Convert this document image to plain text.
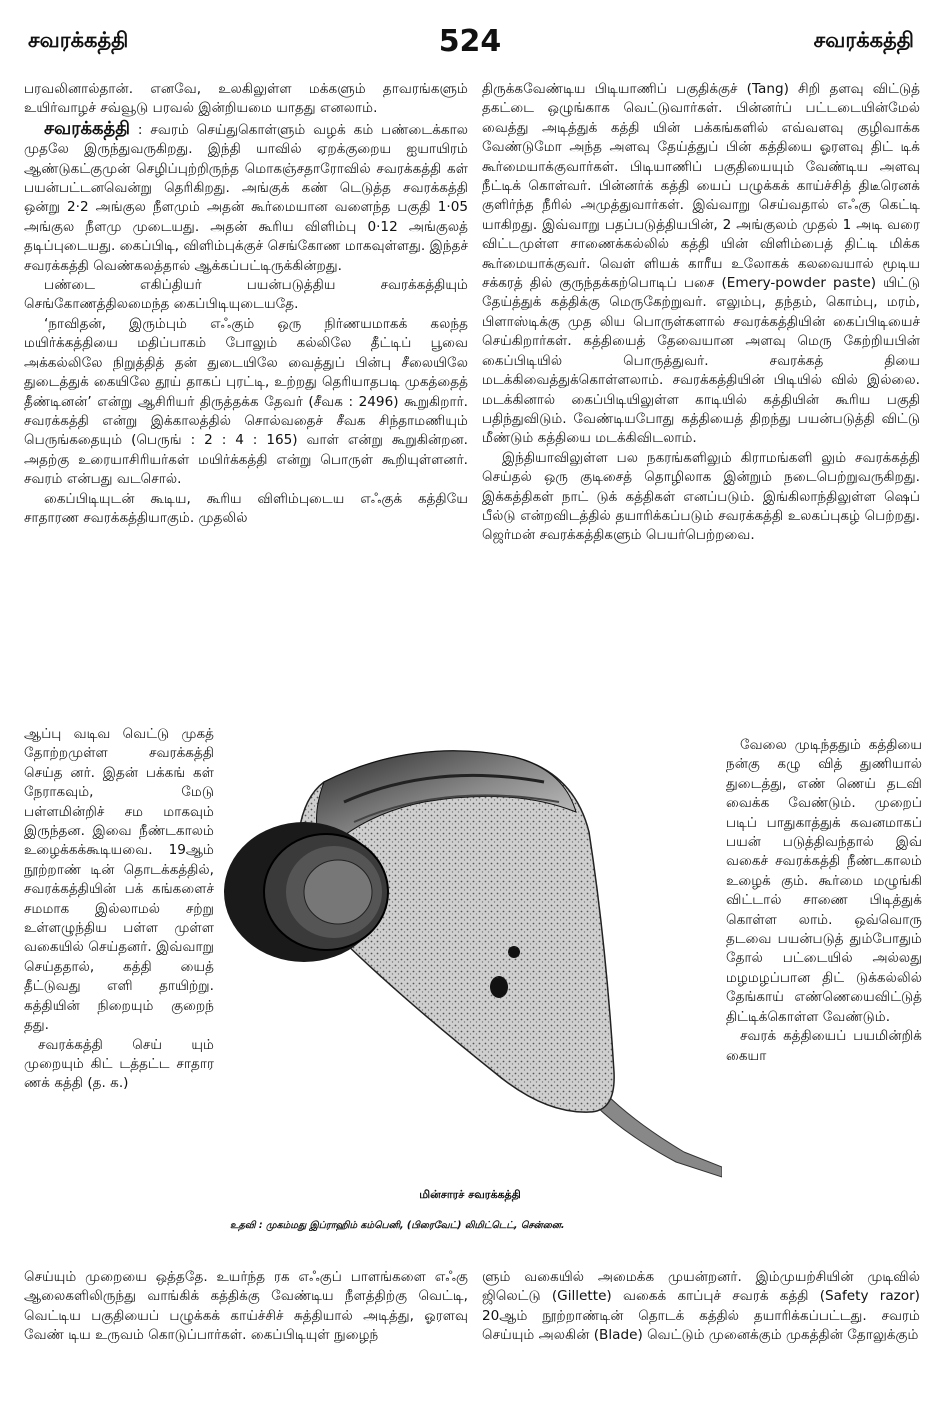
சவரக்கத்தி	524	சவரக்கத்தி

பரவலினால்தான். எனவே, உலகிலுள்ள மக்களும் தாவரங்களும் உயிர்வாழச் சவ்வூடு பரவல் இன்றியமை யாதது எனலாம்.

சவரக்கத்தி : சவரம் செய்துகொள்ளும் வழக் கம் பண்டைக்கால முதலே இருந்துவருகிறது. இந்தி யாவில் ஏறக்குறைய ஐயாயிரம் ஆண்டுகட்குமுன் செழிப்புற்றிருந்த மொகஞ்சதாரோவில் சவரக்கத்தி கள் பயன்பட்டனவென்று தெரிகிறது. அங்குக் கண் டெடுத்த சவரக்கத்தி ஒன்று 2·2 அங்குல நீளமும் அதன் கூர்மையான வளைந்த பகுதி 1·05 அங்குல நீளமு முடையது. அதன் கூரிய விளிம்பு 0·12 அங்குலத் தடிப்புடையது. கைப்பிடி, விளிம்புக்குச் செங்கோண மாகவுள்ளது. இந்தச் சவரக்கத்தி வெண்கலத்தால் ஆக்கப்பட்டிருக்கின்றது.

பண்டை எகிப்தியர் பயன்படுத்திய சவரக்கத்தியும் செங்கோணத்திலமைந்த கைப்பிடியுடையதே.

‘நாவிதன், இரும்பும் எஃகும் ஒரு நிர்ணயமாகக் கலந்த மயிர்க்கத்தியை மதிப்பாகம் போலும் கல்லிலே தீட்டிப் பூவை அக்கல்லிலே நிறுத்தித் தன் துடையிலே வைத்துப் பின்பு சீலையிலே துடைத்துக் கையிலே தூய் தாகப் புரட்டி, உற்றது தெரியாதபடி முகத்தைத் தீண்டினன்’ என்று ஆசிரியர் திருத்தக்க தேவர் (சீவக : 2496) கூறுகிறார். சவரக்கத்தி என்று இக்காலத்தில் சொல்வதைச் சீவக சிந்தாமணியும் பெருங்கதையும் (பெருங் : 2 : 4 : 165) வாள் என்று கூறுகின்றன. அதற்கு உரையாசிரியர்கள் மயிர்க்கத்தி என்று பொருள் கூறியுள்ளனர். சவரம் என்பது வடசொல்.

கைப்பிடியுடன் கூடிய, கூரிய விளிம்புடைய எஃகுக் கத்தியே சாதாரண சவரக்கத்தியாகும். முதலில்

ஆப்பு வடிவ வெட்டு முகத் தோற்றமுள்ள சவரக்கத்தி செய்த னர். இதன் பக்கங் கள் நேராகவும், மேடு பள்ளமின்றிச் சம மாகவும் இருந்தன. இவை நீண்டகாலம் உழைக்கக்கூடியவை. 19ஆம் நூற்றாண் டின் தொடக்கத்தில், சவரக்கத்தியின் பக் கங்களைச் சமமாக இல்லாமல் சற்று உள்ளழுந்திய பள்ள முள்ள வகையில் செய்தனர். இவ்வாறு செய்ததால், கத்தி யைத் தீட்டுவது எளி தாயிற்று. கத்தியின் நிறையும் குறைந் தது.

சவரக்கத்தி செய் யும் முறையும் கிட் டத்தட்ட சாதார ணக் கத்தி (த. க.)

திருக்கவேண்டிய பிடியாணிப் பகுதிக்குச் (Tang) சிறி தளவு விட்டுத் தகட்டை ஒழுங்காக வெட்டுவார்கள். பின்னர்ப் பட்டடையின்மேல் வைத்து அடித்துக் கத்தி யின் பக்கங்களில் எவ்வளவு குழிவாக்க வேண்டுமோ அந்த அளவு தேய்த்துப் பின் கத்தியை ஓரளவு திட் டிக் கூர்மையாக்குவார்கள். பிடியாணிப் பகுதியையும் வேண்டிய அளவு நீட்டிக் கொள்வர். பின்னர்க் கத்தி யைப் பழுக்கக் காய்ச்சித் திடீரெனக் குளிர்ந்த நீரில் அமுத்துவார்கள். இவ்வாறு செய்வதால் எஃகு கெட்டி யாகிறது. இவ்வாறு பதப்படுத்தியபின், 2 அங்குலம் முதல் 1 அடி வரை விட்டமுள்ள சாணைக்கல்லில் கத்தி யின் விளிம்பைத் திட்டி மிக்க கூர்மையாக்குவர். வெள் ளியக் காரீய உலோகக் கலவையால் மூடிய சக்கரத் தில் குருந்தக்கற்பொடிப் பசை (Emery-powder paste) யிட்டு தேய்த்துக் கத்திக்கு மெருகேற்றுவர். எலும்பு, தந்தம், கொம்பு, மரம், பிளாஸ்டிக்கு முத லிய பொருள்களால் சவரக்கத்தியின் கைப்பிடியைச் செய்கிறார்கள். கத்தியைத் தேவையான அளவு மெரு கேற்றியபின் கைப்பிடியில் பொருத்துவர். சவரக்கத் தியை மடக்கிவைத்துக்கொள்ளலாம். சவரக்கத்தியின் பிடியில் வில் இல்லை. மடக்கினால் கைப்பிடியிலுள்ள காடியில் கத்தியின் கூரிய பகுதி பதிந்துவிடும். வேண்டியபோது கத்தியைத் திறந்து பயன்படுத்தி விட்டு மீண்டும் கத்தியை மடக்கிவிடலாம்.

இந்தியாவிலுள்ள பல நகரங்களிலும் கிராமங்களி லும் சவரக்கத்தி செய்தல் ஒரு குடிசைத் தொழிலாக இன்றும் நடைபெற்றுவருகிறது. இக்கத்திகள் நாட் டுக் கத்திகள் எனப்படும். இங்கிலாந்திலுள்ள ஷெப் பீல்டு என்றவிடத்தில் தயாரிக்கப்படும் சவரக்கத்தி உலகப்புகழ் பெற்றது. ஜெர்மன் சவரக்கத்திகளும் பெயர்பெற்றவை.

வேலை முடிந்ததும் கத்தியை நன்கு கழு வித் துணியால் துடைத்து, எண் ணெய் தடவி வைக்க வேண்டும். முறைப் படிப் பாதுகாத்துக் கவனமாகப் பயன் படுத்திவந்தால் இவ் வகைச் சவரக்கத்தி நீண்டகாலம் உழைக் கும். கூர்மை மழுங்கி விட்டால் சாணை பிடித்துக் கொள்ள லாம். ஒவ்வொரு தடவை பயன்படுத் தும்போதும் தோல் பட்டையில் அல்லது மழமழப்பான திட் டுக்கல்லில் தேங்காய் எண்ணெயைவிட்டுத் திட்டிக்கொள்ள வேண்டும்.

சவரக் கத்தியைப் பயமின்றிக் கையா

மின்சாரச் சவரக்கத்தி
உதவி : முகம்மது இப்ராஹிம் கம்பெனி, (பிரைவேட்) லிமிட்டெட், சென்னை.
செய்யும் முறையை ஒத்ததே. உயர்ந்த ரக எஃகுப் பாளங்களை எஃகு ஆலைகளிலிருந்து வாங்கிக் கத்திக்கு வேண்டிய நீளத்திற்கு வெட்டி, வெட்டிய பகுதியைப் பழுக்கக் காய்ச்சிச் சுத்தியால் அடித்து, ஓரளவு வேண் டிய உருவம் கொடுப்பார்கள். கைப்பிடியுள் நுழைந்
ளும் வகையில் அமைக்க முயன்றனர். இம்முயற்சியின் முடிவில் ஜிலெட்டு (Gillette) வகைக் காப்புச் சவரக் கத்தி (Safety razor) 20ஆம் நூற்றாண்டின் தொடக் கத்தில் தயாரிக்கப்பட்டது. சவரம் செய்யும் அலகின் (Blade) வெட்டும் முனைக்கும் முகத்தின் தோலுக்கும்
